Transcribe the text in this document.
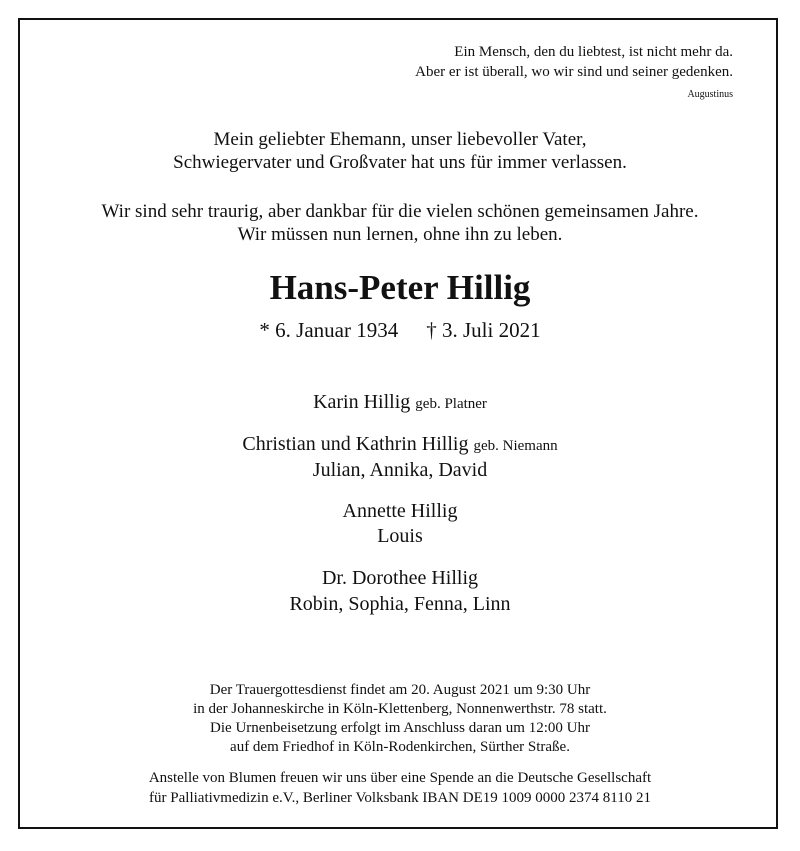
Ein Mensch, den du liebtest, ist nicht mehr da.
Aber er ist überall, wo wir sind und seiner gedenken.
Augustinus
Mein geliebter Ehemann, unser liebevoller Vater,
Schwiegervater und Großvater hat uns für immer verlassen.
Wir sind sehr traurig, aber dankbar für die vielen schönen gemeinsamen Jahre.
Wir müssen nun lernen, ohne ihn zu leben.
Hans-Peter Hillig
* 6. Januar 1934 † 3. Juli 2021
Karin Hillig geb. Platner
Christian und Kathrin Hillig geb. Niemann
Julian, Annika, David
Annette Hillig
Louis
Dr. Dorothee Hillig
Robin, Sophia, Fenna, Linn
Der Trauergottesdienst findet am 20. August 2021 um 9:30 Uhr
in der Johanneskirche in Köln-Klettenberg, Nonnenwerthstr. 78 statt.
Die Urnenbeisetzung erfolgt im Anschluss daran um 12:00 Uhr
auf dem Friedhof in Köln-Rodenkirchen, Sürther Straße.
Anstelle von Blumen freuen wir uns über eine Spende an die Deutsche Gesellschaft
für Palliativmedizin e.V., Berliner Volksbank IBAN DE19 1009 0000 2374 8110 21
